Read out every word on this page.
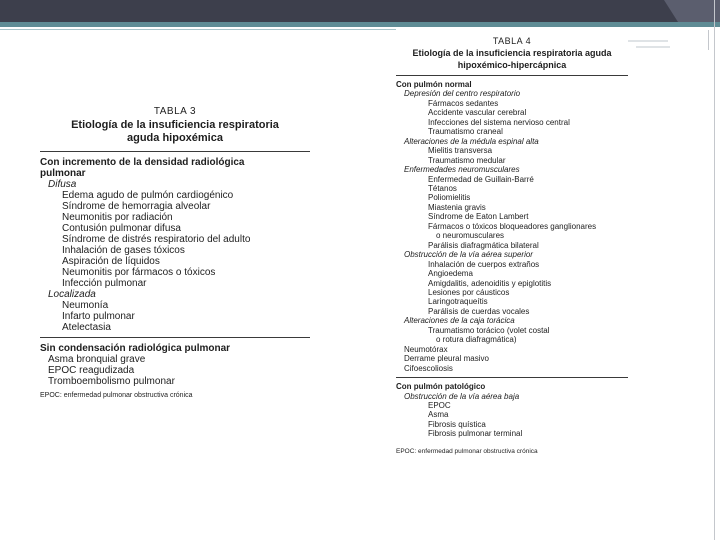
TABLA 3
Etiología de la insuficiencia respiratoria
aguda hipoxémica
Con incremento de la densidad radiológica
pulmonar
Difusa
Edema agudo de pulmón cardiogénico
Síndrome de hemorragia alveolar
Neumonitis por radiación
Contusión pulmonar difusa
Síndrome de distrés respiratorio del adulto
Inhalación de gases tóxicos
Aspiración de líquidos
Neumonitis por fármacos o tóxicos
Infección pulmonar
Localizada
Neumonía
Infarto pulmonar
Atelectasia
Sin condensación radiológica pulmonar
Asma bronquial grave
EPOC reagudizada
Tromboembolismo pulmonar
EPOC: enfermedad pulmonar obstructiva crónica
TABLA 4
Etiología de la insuficiencia respiratoria aguda
hipoxémico-hipercápnica
Con pulmón normal
Depresión del centro respiratorio
Fármacos sedantes
Accidente vascular cerebral
Infecciones del sistema nervioso central
Traumatismo craneal
Alteraciones de la médula espinal alta
Mielitis transversa
Traumatismo medular
Enfermedades neuromusculares
Enfermedad de Guillain-Barré
Tétanos
Poliomielitis
Miastenia gravis
Síndrome de Eaton Lambert
Fármacos o tóxicos bloqueadores ganglionares
o neuromusculares
Parálisis diafragmática bilateral
Obstrucción de la vía aérea superior
Inhalación de cuerpos extraños
Angioedema
Amigdalitis, adenoiditis y epiglotitis
Lesiones por cáusticos
Laringotraqueítis
Parálisis de cuerdas vocales
Alteraciones de la caja torácica
Traumatismo torácico (volet costal
o rotura diafragmática)
Neumotórax
Derrame pleural masivo
Cifoescoliosis
Con pulmón patológico
Obstrucción de la vía aérea baja
EPOC
Asma
Fibrosis quística
Fibrosis pulmonar terminal
EPOC: enfermedad pulmonar obstructiva crónica
